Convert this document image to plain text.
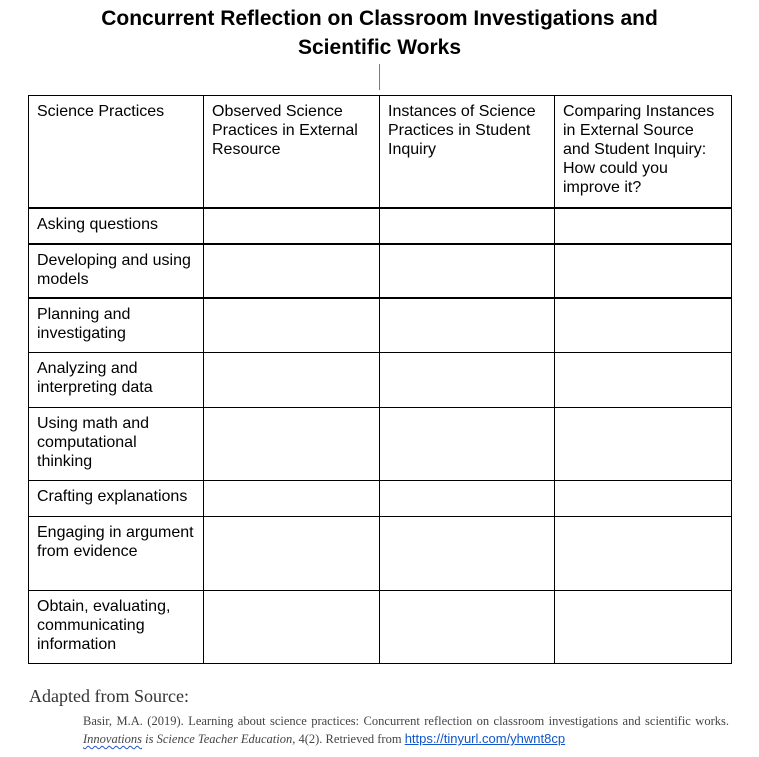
Concurrent Reflection on Classroom Investigations and
Scientific Works
Science Practices	Observed Science Practices in External Resource	Instances of Science Practices in Student Inquiry	Comparing Instances in External Source and Student Inquiry: How could you improve it?
Asking questions			
Developing and using models			
Planning and investigating			
Analyzing and interpreting data			
Using math and computational thinking			
Crafting explanations			
Engaging in argument from evidence			
Obtain, evaluating, communicating information			
Adapted from Source:
Basir, M.A. (2019). Learning about science practices: Concurrent reflection on classroom investigations and scientific works. Innovations is Science Teacher Education, 4(2). Retrieved from https://tinyurl.com/yhwnt8cp
